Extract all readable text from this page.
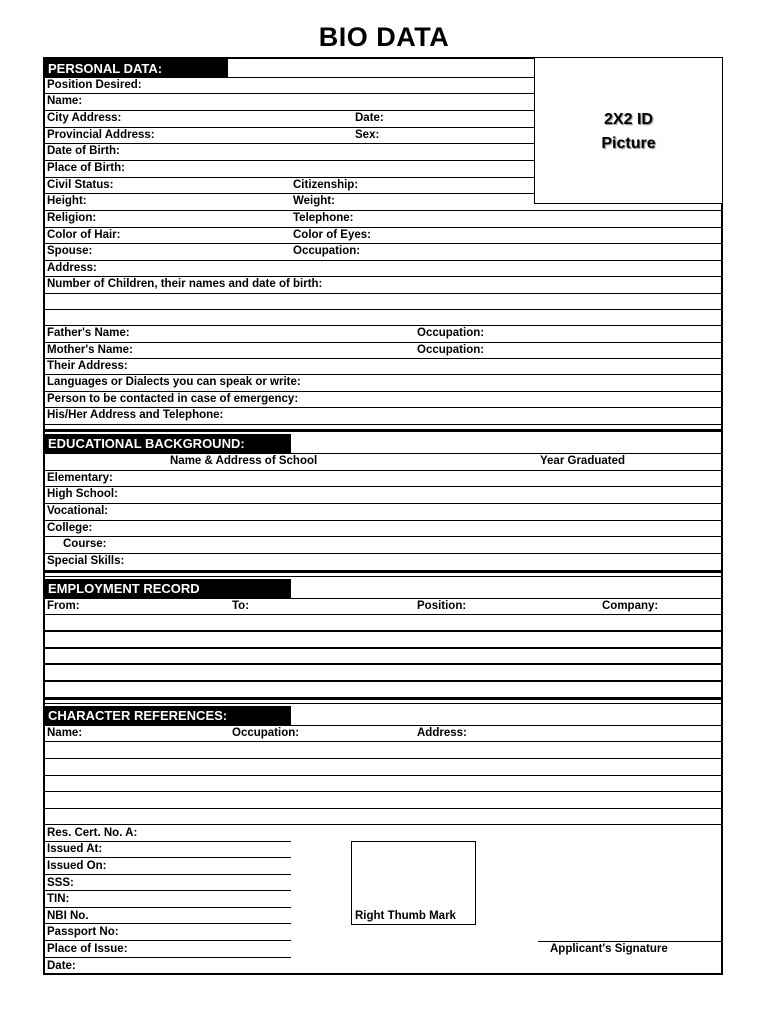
BIO DATA
2X2 ID
Picture
PERSONAL DATA:
Position Desired:
Name:
City Address:	Date:
Provincial Address:	Sex:
Date of Birth:
Place of Birth:
Civil Status:	Citizenship:
Height:	Weight:
Religion:	Telephone:
Color of Hair:	Color of Eyes:
Spouse:	Occupation:
Address:
Number of Children, their names and date of birth:
Father's Name:	Occupation:
Mother's Name:	Occupation:
Their Address:
Languages or Dialects you can speak or write:
Person to be contacted in case of emergency:
His/Her Address and Telephone:
EDUCATIONAL BACKGROUND:
Name & Address of School	Year Graduated
Elementary:
High School:
Vocational:
College:
Course:
Special Skills:
EMPLOYMENT RECORD
From:	To:	Position:	Company:
CHARACTER REFERENCES:
Name:	Occupation:	Address:
Res. Cert. No. A:
Issued At:
Issued On:
SSS:
TIN:
NBI No.
Passport No:
Place of Issue:
Date:
Right Thumb Mark
Applicant's Signature
